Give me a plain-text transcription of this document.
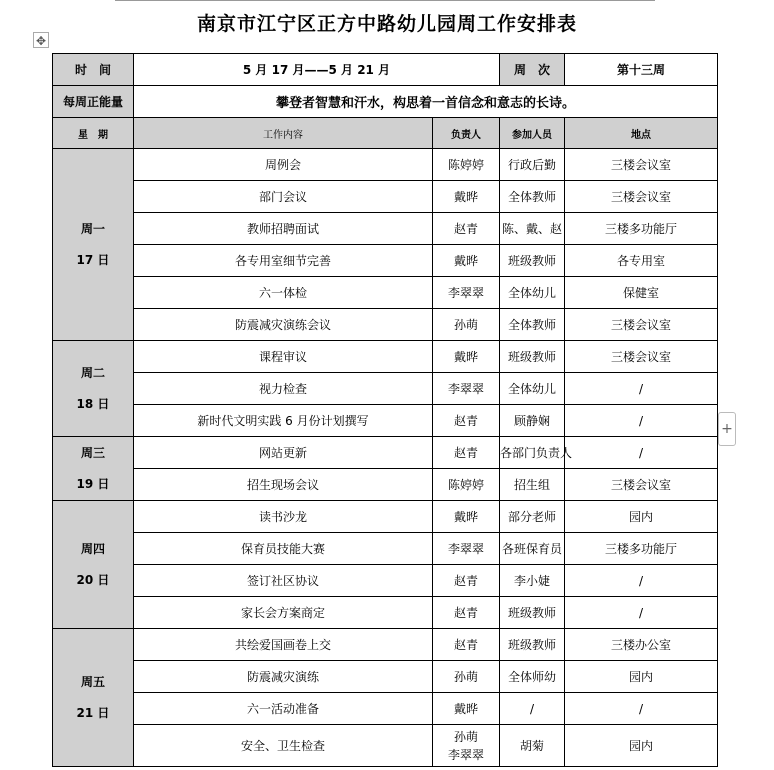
南京市江宁区正方中路幼儿园周工作安排表
✥
+
时　间	5 月 17 月——5 月 21 月		周　次	第十三周
每周正能量	攀登者智慧和汗水，构思着一首信念和意志的长诗。			
星　期	工作内容	负责人	参加人员	地点

周一
17 日	周例会	陈婷婷	行政后勤	三楼会议室
	部门会议	戴晔	全体教师	三楼会议室
	教师招聘面试	赵青	陈、戴、赵	三楼多功能厅
	各专用室细节完善	戴晔	班级教师	各专用室
	六一体检	李翠翠	全体幼儿	保健室
	防震减灾演练会议	孙萌	全体教师	三楼会议室

周二
18 日	课程审议	戴晔	班级教师	三楼会议室
	视力检查	李翠翠	全体幼儿	/
	新时代文明实践 6 月份计划撰写	赵青	顾静娴	/

周三
19 日	网站更新	赵青	各部门负责人	/
	招生现场会议	陈婷婷	招生组	三楼会议室

周四
20 日	读书沙龙	戴晔	部分老师	园内
	保育员技能大赛	李翠翠	各班保育员	三楼多功能厅
	签订社区协议	赵青	李小婕	/
	家长会方案商定	赵青	班级教师	/

周五
21 日	共绘爱国画卷上交	赵青	班级教师	三楼办公室
	防震减灾演练	孙萌	全体师幼	园内
	六一活动准备	戴晔	/	/
	安全、卫生检查	孙萌
李翠翠	胡菊	园内
